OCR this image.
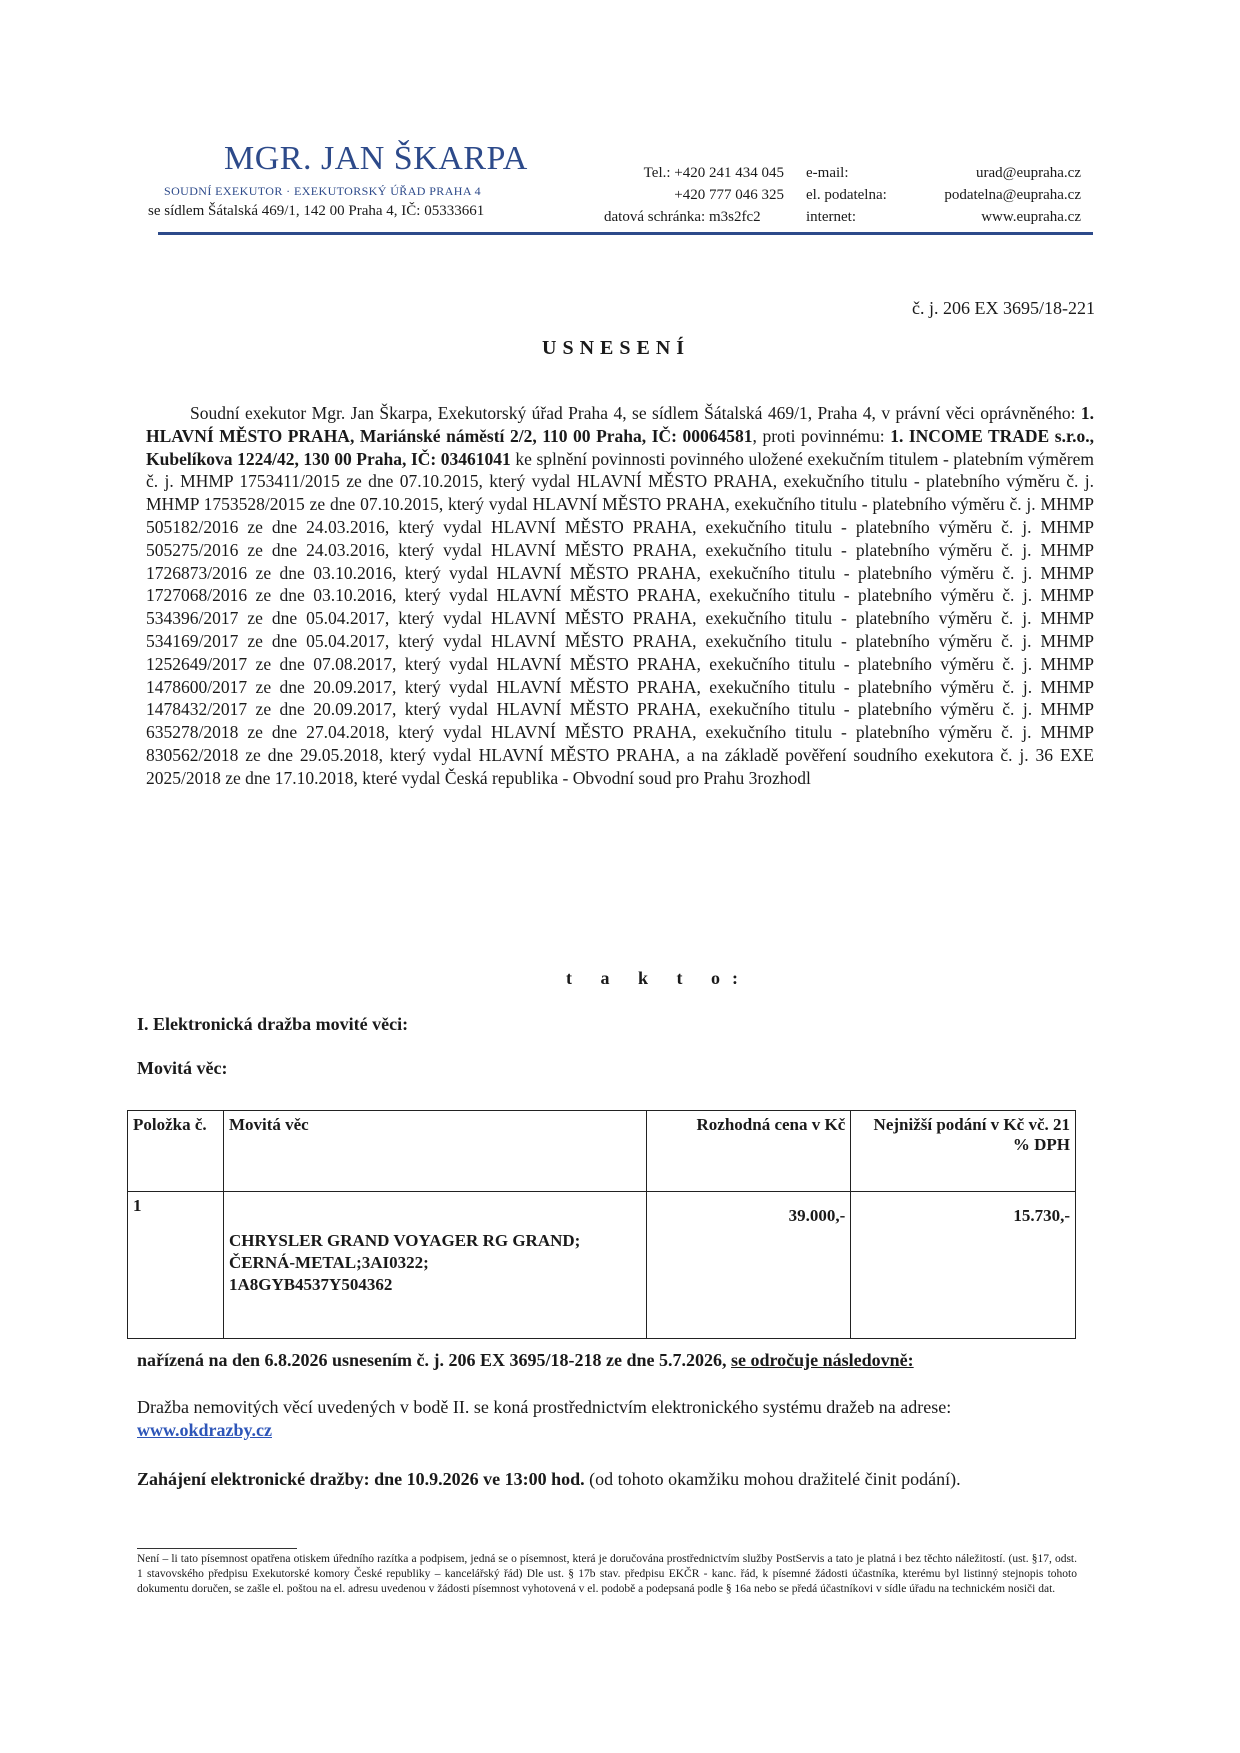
MGR. JAN ŠKARPA
SOUDNÍ EXEKUTOR · EXEKUTORSKÝ ÚŘAD PRAHA 4
se sídlem Šátalská 469/1, 142 00 Praha 4, IČ: 05333661
Tel.: +420 241 434 045
+420 777 046 325
datová schránka: m3s2fc2
e-mail:
el. podatelna:
internet:
urad@eupraha.cz
podatelna@eupraha.cz
www.eupraha.cz
č. j. 206 EX 3695/18-221
USNESENÍ
Soudní exekutor Mgr. Jan Škarpa, Exekutorský úřad Praha 4, se sídlem Šátalská 469/1, Praha 4, v právní věci oprávněného: 1. HLAVNÍ MĚSTO PRAHA, Mariánské náměstí 2/2, 110 00 Praha, IČ: 00064581, proti povinnému: 1. INCOME TRADE s.r.o., Kubelíkova 1224/42, 130 00 Praha, IČ: 03461041 ke splnění povinnosti povinného uložené exekučním titulem - platebním výměrem č. j. MHMP 1753411/2015 ze dne 07.10.2015, který vydal HLAVNÍ MĚSTO PRAHA, exekučního titulu - platebního výměru č. j. MHMP 1753528/2015 ze dne 07.10.2015, který vydal HLAVNÍ MĚSTO PRAHA, exekučního titulu - platebního výměru č. j. MHMP 505182/2016 ze dne 24.03.2016, který vydal HLAVNÍ MĚSTO PRAHA, exekučního titulu - platebního výměru č. j. MHMP 505275/2016 ze dne 24.03.2016, který vydal HLAVNÍ MĚSTO PRAHA, exekučního titulu - platebního výměru č. j. MHMP 1726873/2016 ze dne 03.10.2016, který vydal HLAVNÍ MĚSTO PRAHA, exekučního titulu - platebního výměru č. j. MHMP 1727068/2016 ze dne 03.10.2016, který vydal HLAVNÍ MĚSTO PRAHA, exekučního titulu - platebního výměru č. j. MHMP 534396/2017 ze dne 05.04.2017, který vydal HLAVNÍ MĚSTO PRAHA, exekučního titulu - platebního výměru č. j. MHMP 534169/2017 ze dne 05.04.2017, který vydal HLAVNÍ MĚSTO PRAHA, exekučního titulu - platebního výměru č. j. MHMP 1252649/2017 ze dne 07.08.2017, který vydal HLAVNÍ MĚSTO PRAHA, exekučního titulu - platebního výměru č. j. MHMP 1478600/2017 ze dne 20.09.2017, který vydal HLAVNÍ MĚSTO PRAHA, exekučního titulu - platebního výměru č. j. MHMP 1478432/2017 ze dne 20.09.2017, který vydal HLAVNÍ MĚSTO PRAHA, exekučního titulu - platebního výměru č. j. MHMP 635278/2018 ze dne 27.04.2018, který vydal HLAVNÍ MĚSTO PRAHA, exekučního titulu - platebního výměru č. j. MHMP 830562/2018 ze dne 29.05.2018, který vydal HLAVNÍ MĚSTO PRAHA, a na základě pověření soudního exekutora č. j. 36 EXE 2025/2018 ze dne 17.10.2018, které vydal Česká republika - Obvodní soud pro Prahu 3rozhodl
t a k t o:
I. Elektronická dražba movité věci:
Movitá věc:
Položka č.	Movitá věc	Rozhodná cena v Kč	Nejnižší podání v Kč vč. 21 % DPH
1	CHRYSLER GRAND VOYAGER RG GRAND;
ČERNÁ-METAL;3AI0322;
1A8GYB4537Y504362	39.000,-	15.730,-
nařízená na den 6.8.2026 usnesením č. j. 206 EX 3695/18-218 ze dne 5.7.2026, se odročuje následovně:
Dražba nemovitých věcí uvedených v bodě II. se koná prostřednictvím elektronického systému dražeb na adrese: www.okdrazby.cz
Zahájení elektronické dražby: dne 10.9.2026 ve 13:00 hod. (od tohoto okamžiku mohou dražitelé činit podání).
Není – li tato písemnost opatřena otiskem úředního razítka a podpisem, jedná se o písemnost, která je doručována prostřednictvím služby PostServis a tato je platná i bez těchto náležitostí. (ust. §17, odst. 1 stavovského předpisu Exekutorské komory České republiky – kancelářský řád) Dle ust. § 17b stav. předpisu EKČR - kanc. řád, k písemné žádosti účastníka, kterému byl listinný stejnopis tohoto dokumentu doručen, se zašle el. poštou na el. adresu uvedenou v žádosti písemnost vyhotovená v el. podobě a podepsaná podle § 16a nebo se předá účastníkovi v sídle úřadu na technickém nosiči dat.
